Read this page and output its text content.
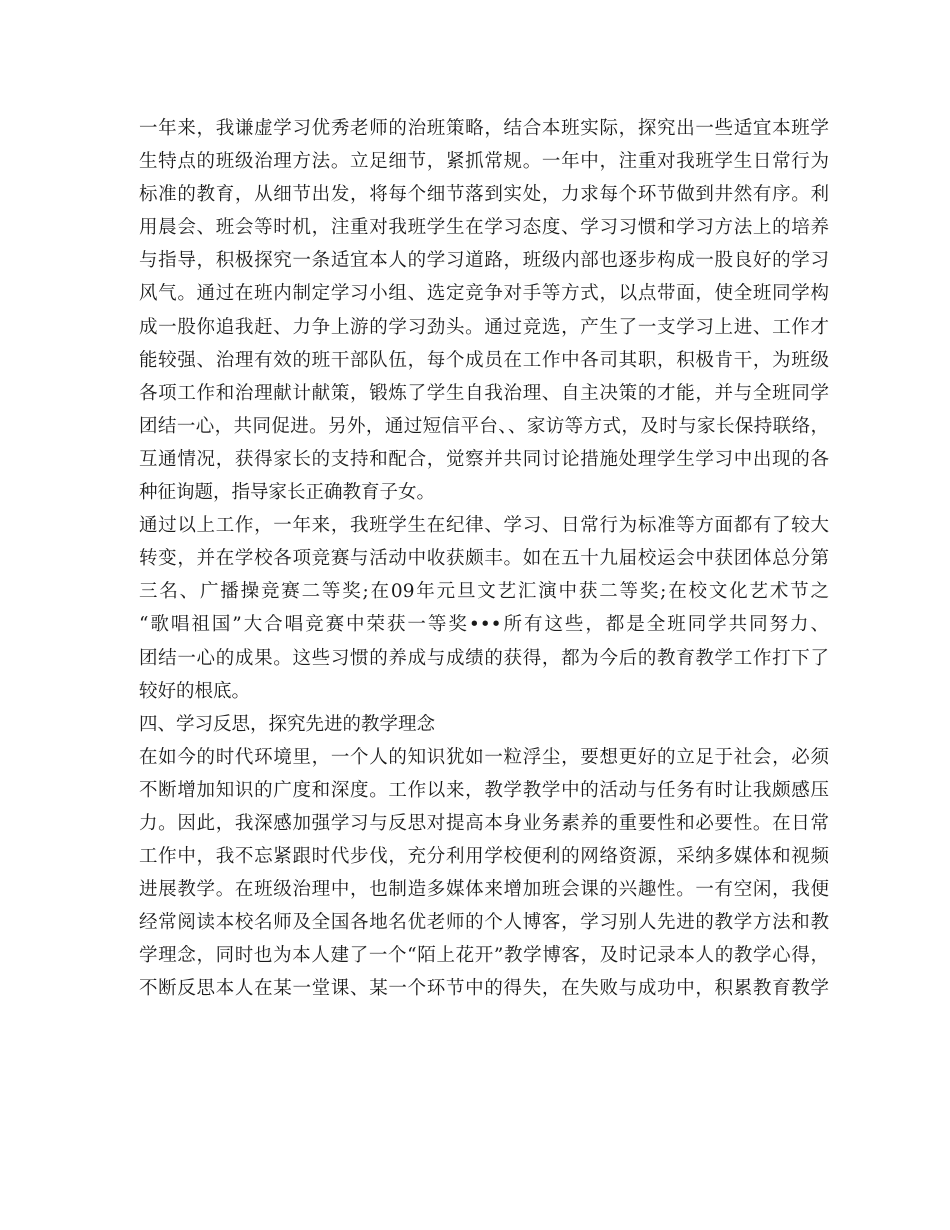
一年来，我谦虚学习优秀老师的治班策略，结合本班实际，探究出一些适宜本班学
生特点的班级治理方法。立足细节，紧抓常规。一年中，注重对我班学生日常行为
标准的教育，从细节出发，将每个细节落到实处，力求每个环节做到井然有序。利
用晨会、班会等时机，注重对我班学生在学习态度、学习习惯和学习方法上的培养
与指导，积极探究一条适宜本人的学习道路，班级内部也逐步构成一股良好的学习
风气。通过在班内制定学习小组、选定竞争对手等方式，以点带面，使全班同学构
成一股你追我赶、力争上游的学习劲头。通过竞选，产生了一支学习上进、工作才
能较强、治理有效的班干部队伍，每个成员在工作中各司其职，积极肯干，为班级
各项工作和治理献计献策，锻炼了学生自我治理、自主决策的才能，并与全班同学
团结一心，共同促进。另外，通过短信平台、、家访等方式，及时与家长保持联络，
互通情况，获得家长的支持和配合，觉察并共同讨论措施处理学生学习中出现的各
种征询题，指导家长正确教育子女。
通过以上工作，一年来，我班学生在纪律、学习、日常行为标准等方面都有了较大
转变，并在学校各项竞赛与活动中收获颇丰。如在五十九届校运会中获团体总分第
三名、广播操竞赛二等奖;在09年元旦文艺汇演中获二等奖;在校文化艺术节之
“歌唱祖国”大合唱竞赛中荣获一等奖•••所有这些，都是全班同学共同努力、
团结一心的成果。这些习惯的养成与成绩的获得，都为今后的教育教学工作打下了
较好的根底。
四、学习反思，探究先进的教学理念
在如今的时代环境里，一个人的知识犹如一粒浮尘，要想更好的立足于社会，必须
不断增加知识的广度和深度。工作以来，教学教学中的活动与任务有时让我颇感压
力。因此，我深感加强学习与反思对提高本身业务素养的重要性和必要性。在日常
工作中，我不忘紧跟时代步伐，充分利用学校便利的网络资源，采纳多媒体和视频
进展教学。在班级治理中，也制造多媒体来增加班会课的兴趣性。一有空闲，我便
经常阅读本校名师及全国各地名优老师的个人博客，学习别人先进的教学方法和教
学理念，同时也为本人建了一个“陌上花开”教学博客，及时记录本人的教学心得，
不断反思本人在某一堂课、某一个环节中的得失，在失败与成功中，积累教育教学
